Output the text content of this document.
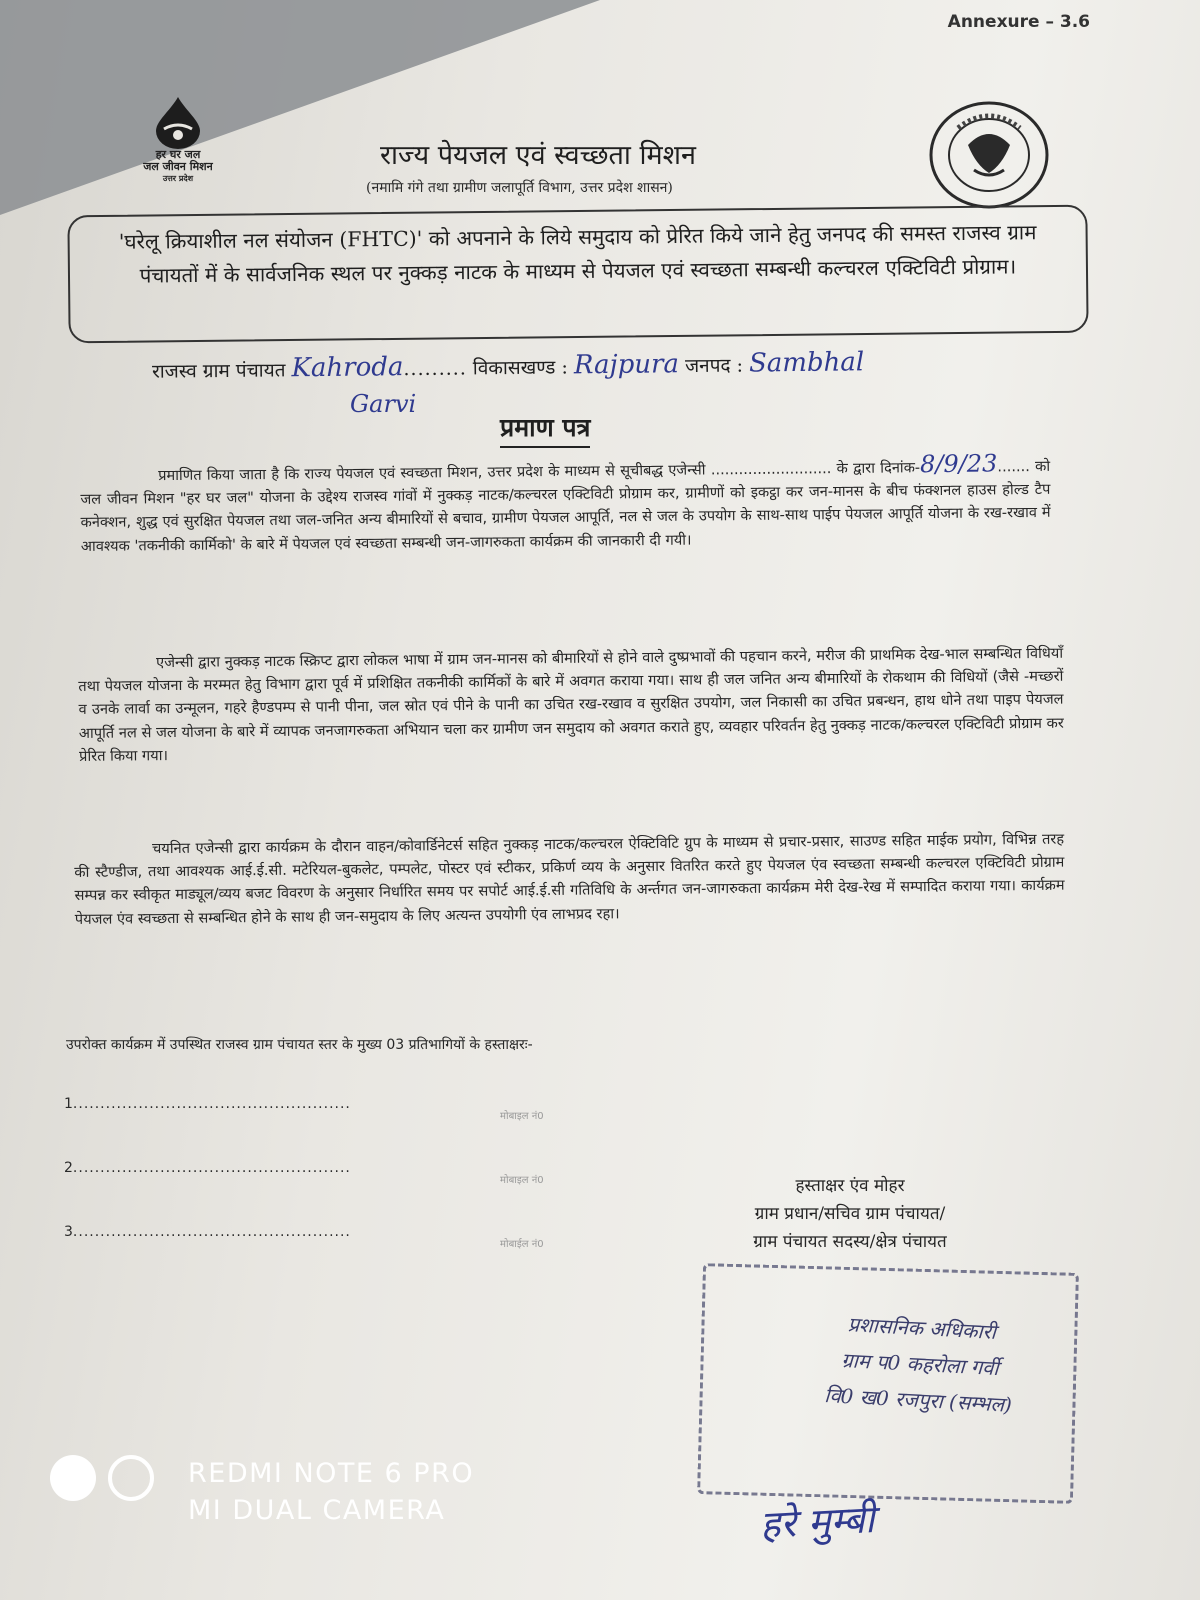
Annexure – 3.6
हर घर जल
जल जीवन मिशन
उत्तर प्रदेश
राज्य पेयजल एवं स्वच्छता मिशन
(नमामि गंगे तथा ग्रामीण जलापूर्ति विभाग, उत्तर प्रदेश शासन)
'घरेलू क्रियाशील नल संयोजन (FHTC)' को अपनाने के लिये समुदाय को प्रेरित किये जाने हेतु जनपद की समस्त राजस्व ग्राम पंचायतों में के सार्वजनिक स्थल पर नुक्कड़ नाटक के माध्यम से पेयजल एवं स्वच्छता सम्बन्धी कल्चरल एक्टिविटी प्रोग्राम।
राजस्व ग्राम पंचायत Kahroda......... विकासखण्ड : Rajpura जनपद : Sambhal
Garvi
प्रमाण पत्र
प्रमाणित किया जाता है कि राज्य पेयजल एवं स्वच्छता मिशन, उत्तर प्रदेश के माध्यम से सूचीबद्ध एजेन्सी .......................... के द्वारा दिनांक-8/9/23....... को जल जीवन मिशन "हर घर जल" योजना के उद्देश्य राजस्व गांवों में नुक्कड़ नाटक/कल्चरल एक्टिविटी प्रोग्राम कर, ग्रामीणों को इकट्ठा कर जन-मानस के बीच फंक्शनल हाउस होल्ड टैप कनेक्शन, शुद्ध एवं सुरक्षित पेयजल तथा जल-जनित अन्य बीमारियों से बचाव, ग्रामीण पेयजल आपूर्ति, नल से जल के उपयोग के साथ-साथ पाईप पेयजल आपूर्ति योजना के रख-रखाव में आवश्यक 'तकनीकी कार्मिको' के बारे में पेयजल एवं स्वच्छता सम्बन्धी जन-जागरुकता कार्यक्रम की जानकारी दी गयी।
एजेन्सी द्वारा नुक्कड़ नाटक स्क्रिप्ट द्वारा लोकल भाषा में ग्राम जन-मानस को बीमारियों से होने वाले दुष्प्रभावों की पहचान करने, मरीज की प्राथमिक देख-भाल सम्बन्धित विधियाँ तथा पेयजल योजना के मरम्मत हेतु विभाग द्वारा पूर्व में प्रशिक्षित तकनीकी कार्मिकों के बारे में अवगत कराया गया। साथ ही जल जनित अन्य बीमारियों के रोकथाम की विधियों (जैसे -मच्छरों व उनके लार्वा का उन्मूलन, गहरे हैण्डपम्प से पानी पीना, जल स्रोत एवं पीने के पानी का उचित रख-रखाव व सुरक्षित उपयोग, जल निकासी का उचित प्रबन्धन, हाथ धोने तथा पाइप पेयजल आपूर्ति नल से जल योजना के बारे में व्यापक जनजागरुकता अभियान चला कर ग्रामीण जन समुदाय को अवगत कराते हुए, व्यवहार परिवर्तन हेतु नुक्कड़ नाटक/कल्चरल एक्टिविटी प्रोग्राम कर प्रेरित किया गया।
चयनित एजेन्सी द्वारा कार्यक्रम के दौरान वाहन/कोवार्डिनेटर्स सहित नुक्कड़ नाटक/कल्चरल ऐक्टिविटि ग्रुप के माध्यम से प्रचार-प्रसार, साउण्ड सहित माईक प्रयोग, विभिन्न तरह की स्टैण्डीज, तथा आवश्यक आई.ई.सी. मटेरियल-बुकलेट, पम्पलेट, पोस्टर एवं स्टीकर, प्रकिर्ण व्यय के अनुसार वितरित करते हुए पेयजल एंव स्वच्छता सम्बन्धी कल्चरल एक्टिविटी प्रोग्राम सम्पन्न कर स्वीकृत माड्यूल/व्यय बजट विवरण के अनुसार निर्धारित समय पर सपोर्ट आई.ई.सी गतिविधि के अर्न्तगत जन-जागरुकता कार्यक्रम मेरी देख-रेख में सम्पादित कराया गया। कार्यक्रम पेयजल एंव स्वच्छता से सम्बन्धित होने के साथ ही जन-समुदाय के लिए अत्यन्त उपयोगी एंव लाभप्रद रहा।
उपरोक्त कार्यक्रम में उपस्थित राजस्व ग्राम पंचायत स्तर के मुख्य 03 प्रतिभागियों के हस्ताक्षरः-
1...................................................
मोबाइल नं0
2...................................................
मोबाइल नं0
3...................................................
मोबाईल नं0
हस्ताक्षर एंव मोहर
ग्राम प्रधान/सचिव ग्राम पंचायत/
ग्राम पंचायत सदस्य/क्षेत्र पंचायत
प्रशासनिक अधिकारी
ग्राम प0 कहरोला गर्वी
वि0 ख0 रजपुरा (सम्भल)
हरे मुम्बी
REDMI NOTE 6 PRO
MI DUAL CAMERA
